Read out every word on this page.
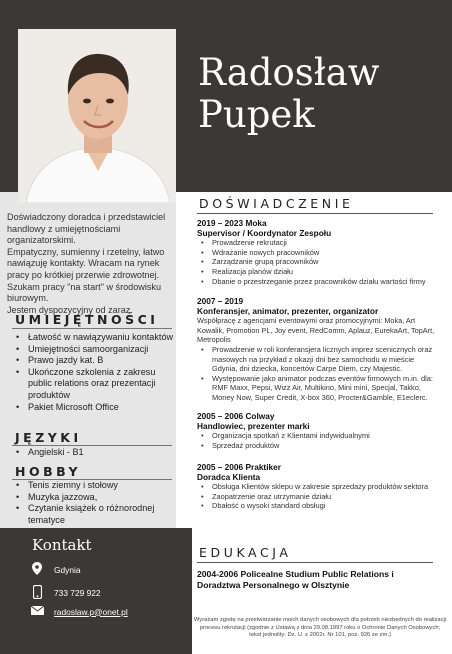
Radosław
Pupek

Doświadczony doradca i przedstawiciel handlowy z umiejętnościami organizatorskimi.

Empatyczny, sumienny i rzetelny, łatwo nawiązuję kontakty. Wracam na rynek pracy po krótkiej przerwie zdrowotnej. Szukam pracy "na start" w środowisku biurowym.

Jestem dyspozycyjny od zaraz.

UMIEJĘTNOŚCI
• Łatwość w nawiązywaniu kontaktów
• Umiejętności samoorganizacji
• Prawo jazdy kat. B
• Ukończone szkolenia z zakresu public relations oraz prezentacji produktów
• Pakiet Microsoft Office
JĘZYKI
• Angielski - B1
HOBBY
• Tenis ziemny i stołowy
• Muzyka jazzowa,
• Czytanie książek o różnorodnej tematyce
Kontakt
Gdynia
733 729 922
radoslaw.p@onet.pl
DOŚWIADCZENIE
2019 – 2023 Moka
Supervisor / Koordynator Zespołu
• Prowadzenie rekrutacji
• Wdrażanie nowych pracowników
• Zarządzanie grupą pracowników
• Realizacja planów działu
• Dbanie o przestrzeganie przez pracowników działu wartości firmy
2007 – 2019
Konferansjer, animator, prezenter, organizator
Współpracę z agencjami eventowymi oraz promocyjnymi: Moka, Art Kowalik, Promotion PL, Joy event, RedComm, Aplauz, EurekaArt, TopArt, Metropolis
• Prowadzenie w roli konferansjera licznych imprez scenicznych oraz masowych na przykład z okazji dni bez samochodu w mieście Gdynia, dni dziecka, koncertów Carpe Diem, czy Majestic.
• Występowanie jako animator podczas eventów firmowych m.in. dla: RMF Maxx, Pepsi, Wizz Air, Multikino, Mini mini, Specjal, Takko, Money Now, Super Credit, X-box 360, Procter&Gamble, E1eclerc.
2005 – 2006 Colway
Handlowiec, prezenter marki
• Organizacja spotkań z Klientami indywidualnymi
• Sprzedaż produktów
2005 – 2006 Praktiker
Doradca Klienta
• Obsługa Klientów sklepu w zakresie sprzedaży produktów sektora
• Zaopatrzenie oraz utrzymanie działu
• Dbałość o wysoki standard obsługi
EDUKACJA
2004-2006 Policealne Studium Public Relations i Doradztwa Personalnego w Olsztynie
Wyrażam zgodę na przetwarzanie moich danych osobowych dla potrzeb niezbędnych do realizacji procesu rekrutacji (zgodnie z Ustawą z dnia 29.08.1997 roku o Ochronie Danych Osobowych; tekst jednolity: Dz. U. z 2002r. Nr 101, poz. 926 ze zm.)
